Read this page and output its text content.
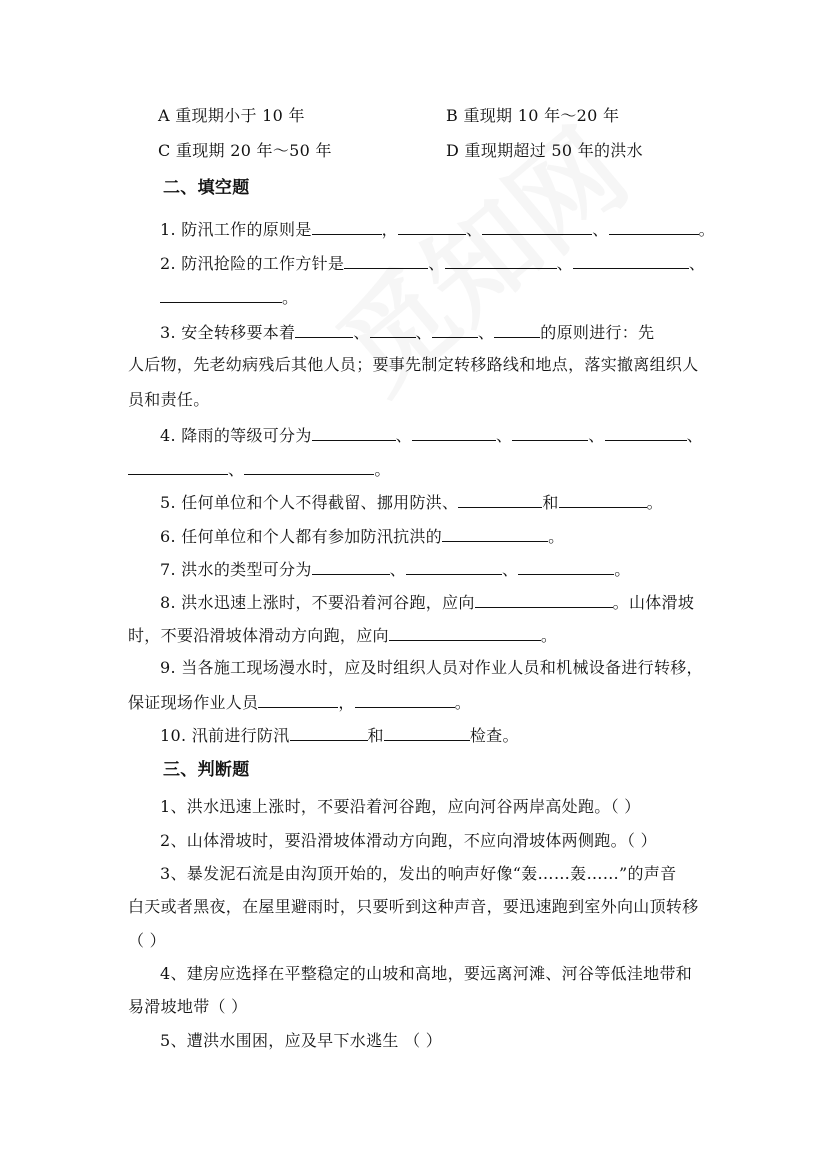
A 重现期小于 10 年	B 重现期 10 年～20 年
C 重现期 20 年～50 年	D 重现期超过 50 年的洪水
二、填空题
1. 防汛工作的原则是	，	、	、	。
2. 防汛抢险的工作方针是	、	、	、
。
3. 安全转移要本着	、	、	、	的原则进行：先
人后物，先老幼病残后其他人员；要事先制定转移路线和地点，落实撤离组织人
员和责任。
4. 降雨的等级可分为	、	、	、	、
、	。
5. 任何单位和个人不得截留、挪用防洪、	和	。
6. 任何单位和个人都有参加防汛抗洪的	。
7. 洪水的类型可分为	、	、	。
8. 洪水迅速上涨时，不要沿着河谷跑，应向	。山体滑坡
时，不要沿滑坡体滑动方向跑，应向	。
9. 当各施工现场漫水时，应及时组织人员对作业人员和机械设备进行转移，
保证现场作业人员	，	。
10. 汛前进行防汛	和	检查。
三、判断题
1、洪水迅速上涨时，不要沿着河谷跑，应向河谷两岸高处跑。（ ）
2、山体滑坡时，要沿滑坡体滑动方向跑，不应向滑坡体两侧跑。（ ）
3、暴发泥石流是由沟顶开始的，发出的响声好像“轰……轰……”的声音
白天或者黑夜，在屋里避雨时，只要听到这种声音，要迅速跑到室外向山顶转移
（ ）
4、建房应选择在平整稳定的山坡和高地，要远离河滩、河谷等低洼地带和
易滑坡地带（ ）
5、遭洪水围困，应及早下水逃生 （ ）
